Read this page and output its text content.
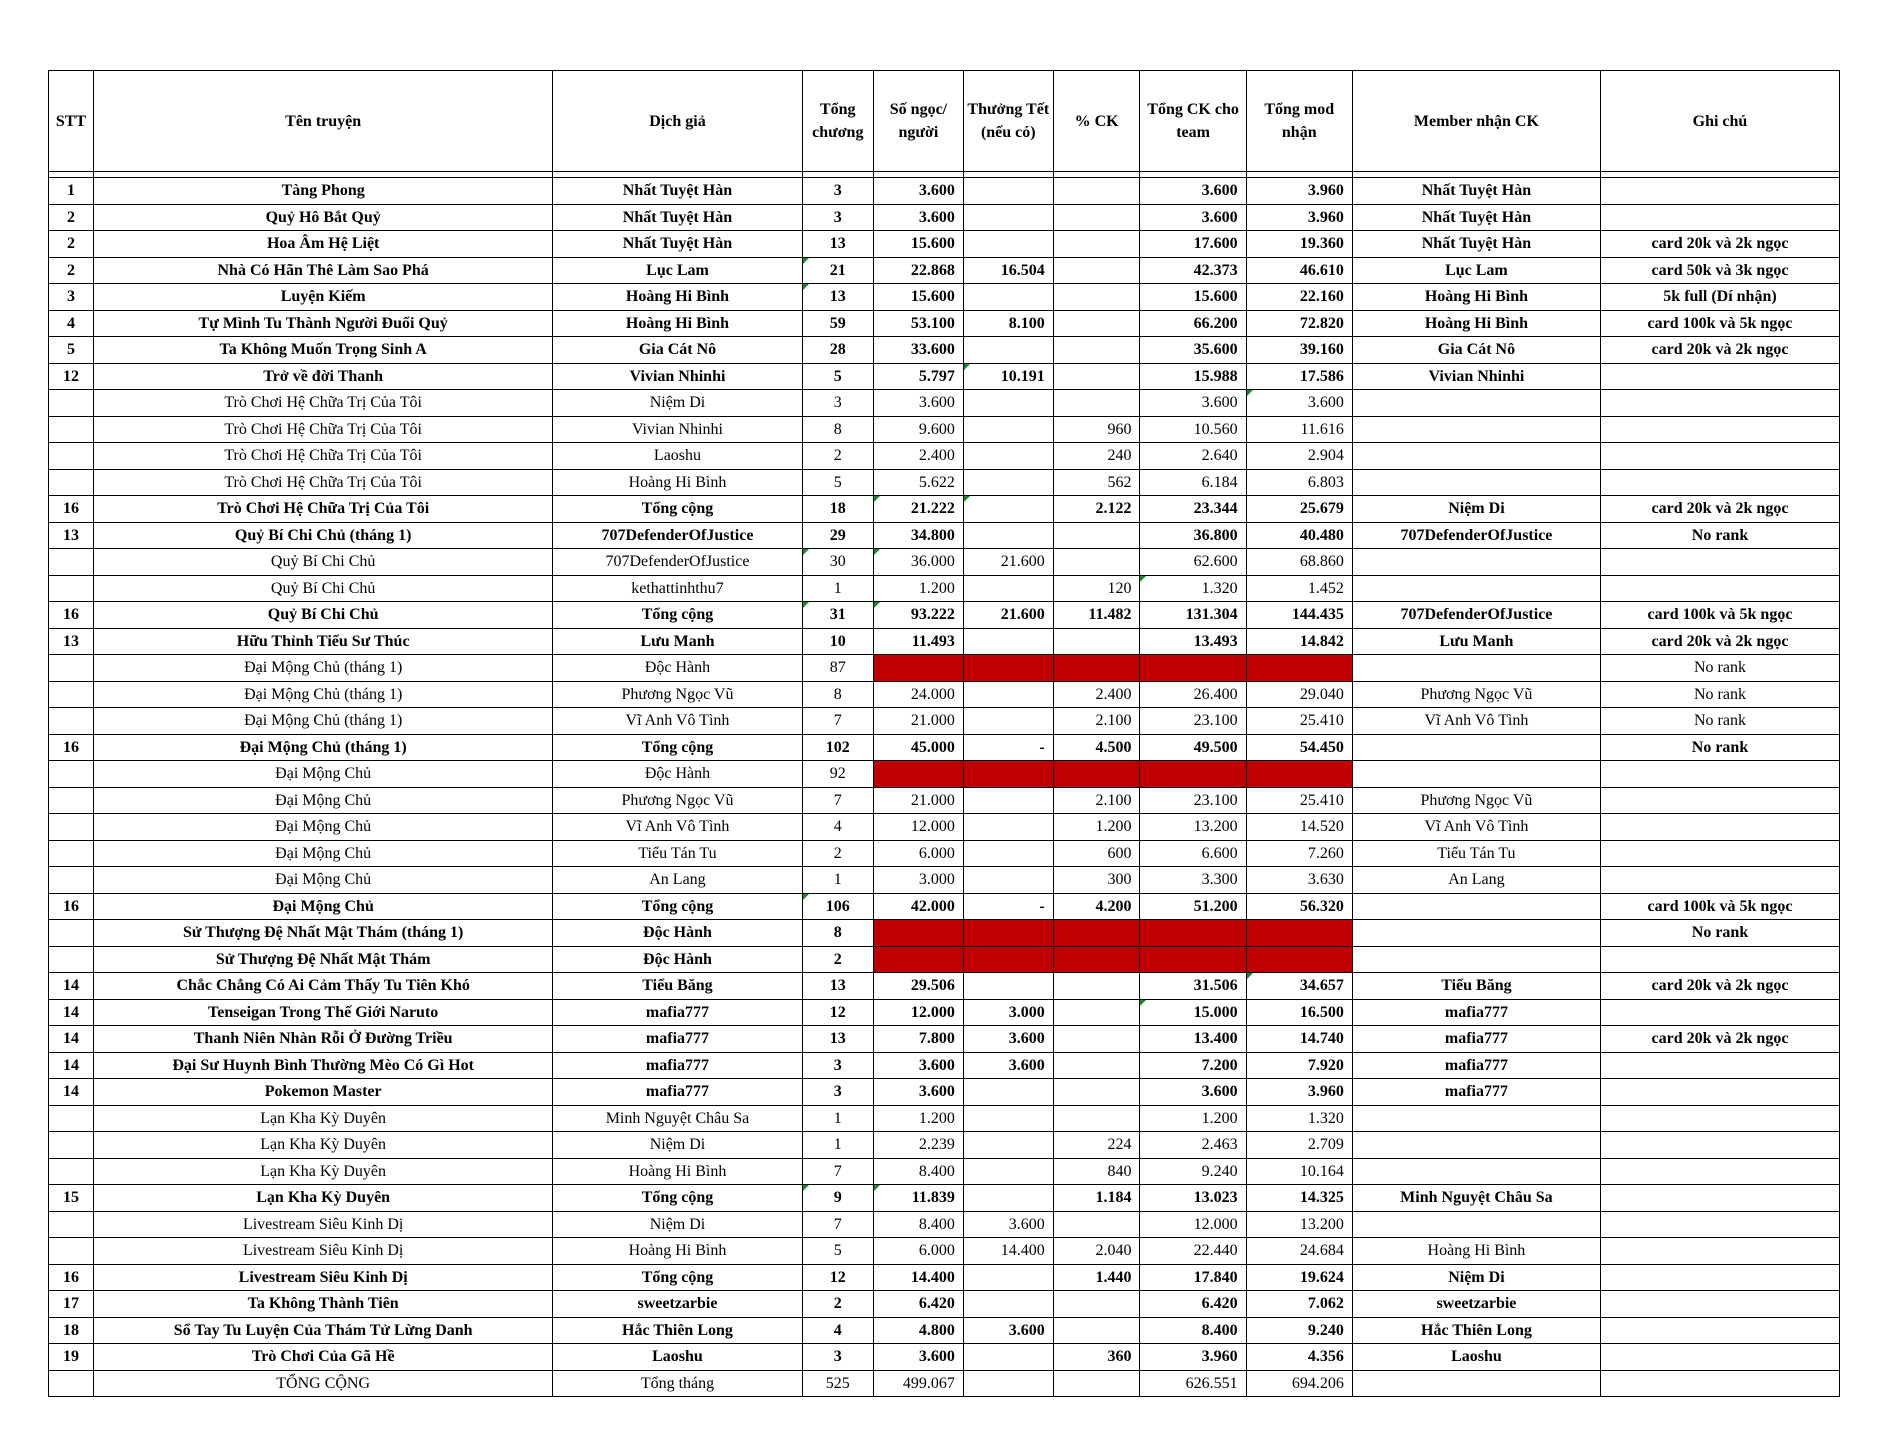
STT	Tên truyện	Dịch giả	Tổng chương	Số ngọc/ người	Thưởng Tết (nếu có)	% CK	Tổng CK cho team	Tổng mod nhận	Member nhận CK	Ghi chú

1	Tàng Phong	Nhất Tuyệt Hàn	3	3.600			3.600	3.960	Nhất Tuyệt Hàn	
2	Quỷ Hô Bắt Quỷ	Nhất Tuyệt Hàn	3	3.600			3.600	3.960	Nhất Tuyệt Hàn	
2	Hoa Âm Hệ Liệt	Nhất Tuyệt Hàn	13	15.600			17.600	19.360	Nhất Tuyệt Hàn	card 20k và 2k ngọc
2	Nhà Có Hãn Thê Làm Sao Phá	Lục Lam	21	22.868	16.504		42.373	46.610	Lục Lam	card 50k và 3k ngọc
3	Luyện Kiếm	Hoàng Hi Bình	13	15.600			15.600	22.160	Hoàng Hi Bình	5k full (Dí nhận)
4	Tự Mình Tu Thành Người Đuổi Quỷ	Hoàng Hi Bình	59	53.100	8.100		66.200	72.820	Hoàng Hi Bình	card 100k và 5k ngọc
5	Ta Không Muốn Trọng Sinh A	Gia Cát Nô	28	33.600			35.600	39.160	Gia Cát Nô	card 20k và 2k ngọc
12	Trở về đời Thanh	Vivian Nhinhi	5	5.797	10.191		15.988	17.586	Vivian Nhinhi	
	Trò Chơi Hệ Chữa Trị Của Tôi	Niệm Di	3	3.600			3.600	3.600		
	Trò Chơi Hệ Chữa Trị Của Tôi	Vivian Nhinhi	8	9.600		960	10.560	11.616		
	Trò Chơi Hệ Chữa Trị Của Tôi	Laoshu	2	2.400		240	2.640	2.904		
	Trò Chơi Hệ Chữa Trị Của Tôi	Hoàng Hi Bình	5	5.622		562	6.184	6.803		
16	Trò Chơi Hệ Chữa Trị Của Tôi	Tổng cộng	18	21.222		2.122	23.344	25.679	Niệm Di	card 20k và 2k ngọc
13	Quỷ Bí Chi Chủ (tháng 1)	707DefenderOfJustice	29	34.800			36.800	40.480	707DefenderOfJustice	No rank
	Quỷ Bí Chi Chủ	707DefenderOfJustice	30	36.000	21.600		62.600	68.860		
	Quỷ Bí Chi Chủ	kethattinhthu7	1	1.200		120	1.320	1.452		
16	Quỷ Bí Chi Chủ	Tổng cộng	31	93.222	21.600	11.482	131.304	144.435	707DefenderOfJustice	card 100k và 5k ngọc
13	Hữu Thỉnh Tiểu Sư Thúc	Lưu Manh	10	11.493			13.493	14.842	Lưu Manh	card 20k và 2k ngọc
	Đại Mộng Chủ (tháng 1)	Độc Hành	87							No rank
	Đại Mộng Chủ (tháng 1)	Phương Ngọc Vũ	8	24.000		2.400	26.400	29.040	Phương Ngọc Vũ	No rank
	Đại Mộng Chủ (tháng 1)	Vĩ Anh Vô Tình	7	21.000		2.100	23.100	25.410	Vĩ Anh Vô Tình	No rank
16	Đại Mộng Chủ (tháng 1)	Tổng cộng	102	45.000	-	4.500	49.500	54.450		No rank
	Đại Mộng Chủ	Độc Hành	92							
	Đại Mộng Chủ	Phương Ngọc Vũ	7	21.000		2.100	23.100	25.410	Phương Ngọc Vũ	
	Đại Mộng Chủ	Vĩ Anh Vô Tình	4	12.000		1.200	13.200	14.520	Vĩ Anh Vô Tình	
	Đại Mộng Chủ	Tiểu Tán Tu	2	6.000		600	6.600	7.260	Tiểu Tán Tu	
	Đại Mộng Chủ	An Lang	1	3.000		300	3.300	3.630	An Lang	
16	Đại Mộng Chủ	Tổng cộng	106	42.000	-	4.200	51.200	56.320		card 100k và 5k ngọc
	Sử Thượng Đệ Nhất Mật Thám (tháng 1)	Độc Hành	8							No rank
	Sử Thượng Đệ Nhất Mật Thám	Độc Hành	2							
14	Chắc Chẳng Có Ai Cảm Thấy Tu Tiên Khó	Tiểu Băng	13	29.506			31.506	34.657	Tiểu Băng	card 20k và 2k ngọc
14	Tenseigan Trong Thế Giới Naruto	mafia777	12	12.000	3.000		15.000	16.500	mafia777	
14	Thanh Niên Nhàn Rỗi Ở Đường Triều	mafia777	13	7.800	3.600		13.400	14.740	mafia777	card 20k và 2k ngọc
14	Đại Sư Huynh Bình Thường Mèo Có Gì Hot	mafia777	3	3.600	3.600		7.200	7.920	mafia777	
14	Pokemon Master	mafia777	3	3.600			3.600	3.960	mafia777	
	Lạn Kha Kỳ Duyên	Minh Nguyệt Châu Sa	1	1.200			1.200	1.320		
	Lạn Kha Kỳ Duyên	Niệm Di	1	2.239		224	2.463	2.709		
	Lạn Kha Kỳ Duyên	Hoàng Hi Bình	7	8.400		840	9.240	10.164		
15	Lạn Kha Kỳ Duyên	Tổng cộng	9	11.839		1.184	13.023	14.325	Minh Nguyệt Châu Sa	
	Livestream Siêu Kinh Dị	Niệm Di	7	8.400	3.600		12.000	13.200		
	Livestream Siêu Kinh Dị	Hoàng Hi Bình	5	6.000	14.400	2.040	22.440	24.684	Hoàng Hi Bình	
16	Livestream Siêu Kinh Dị	Tổng cộng	12	14.400		1.440	17.840	19.624	Niệm Di	
17	Ta Không Thành Tiên	sweetzarbie	2	6.420			6.420	7.062	sweetzarbie	
18	Sổ Tay Tu Luyện Của Thám Tử Lừng Danh	Hắc Thiên Long	4	4.800	3.600		8.400	9.240	Hắc Thiên Long	
19	Trò Chơi Của Gã Hề	Laoshu	3	3.600		360	3.960	4.356	Laoshu	
	TỔNG CỘNG	Tổng tháng	525	499.067			626.551	694.206		
